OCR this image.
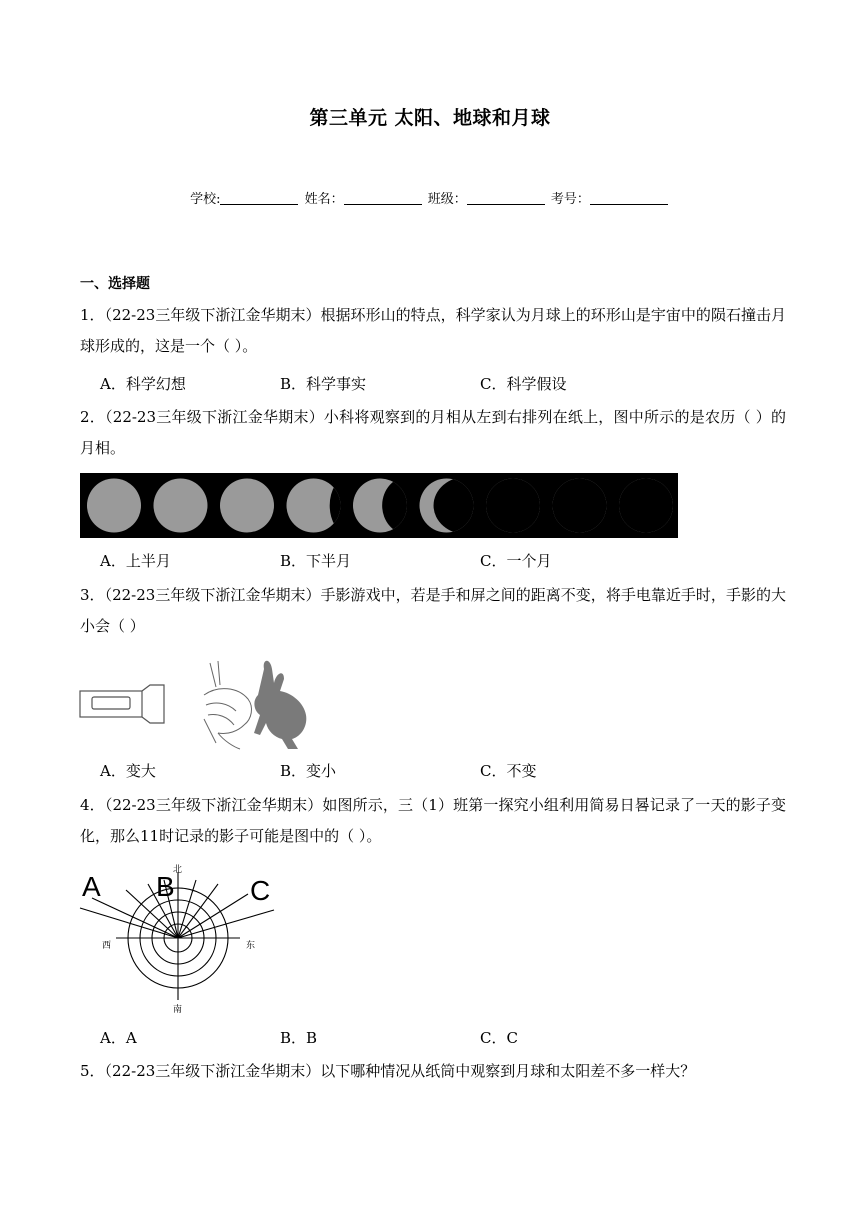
第三单元 太阳、地球和月球
学校:	姓名：	班级：	考号：
一、选择题
1．（22-23三年级下浙江金华期末）根据环形山的特点，科学家认为月球上的环形山是宇宙中的陨石撞击月球形成的，这是一个（ ）。
A．科学幻想	B．科学事实	C．科学假设
2．（22-23三年级下浙江金华期末）小科将观察到的月相从左到右排列在纸上，图中所示的是农历（ ）的月相。
A．上半月	B．下半月	C．一个月
3．（22-23三年级下浙江金华期末）手影游戏中，若是手和屏之间的距离不变，将手电靠近手时，手影的大小会（ ）
A．变大	B．变小	C．不变
4．（22-23三年级下浙江金华期末）如图所示，三（1）班第一探究小组利用简易日晷记录了一天的影子变化，那么11时记录的影子可能是图中的（ ）。
A B	C
北
南
西	东
A．A	B．B	C．C
5．（22-23三年级下浙江金华期末）以下哪种情况从纸筒中观察到月球和太阳差不多一样大？
